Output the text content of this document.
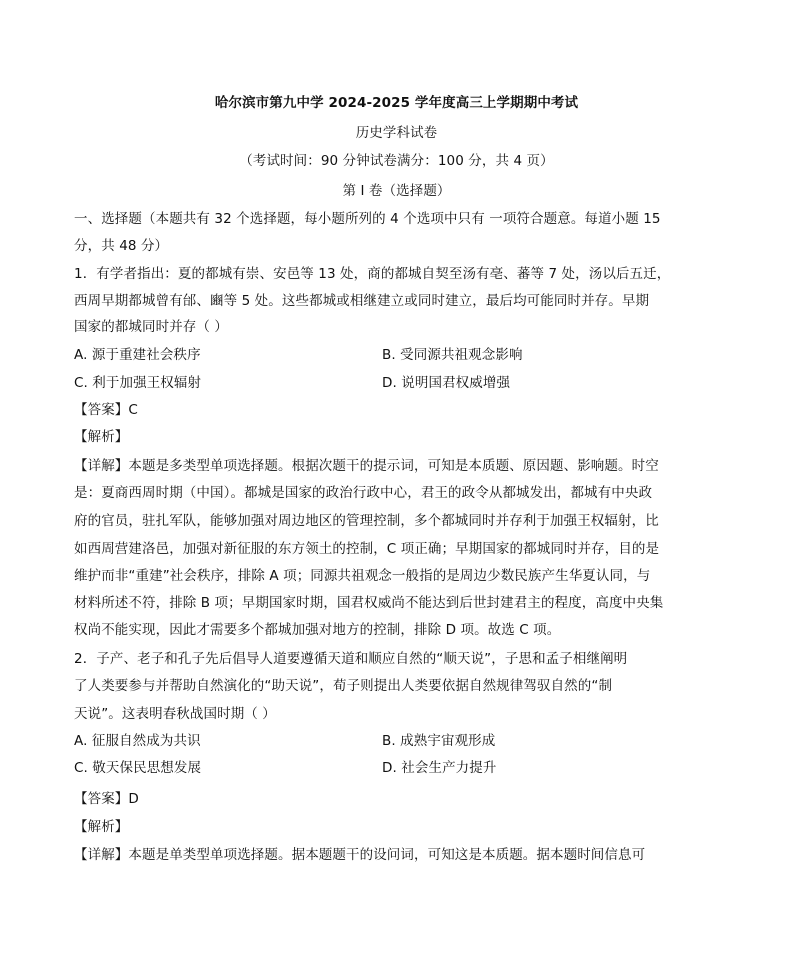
哈尔滨市第九中学 2024-2025 学年度高三上学期期中考试
历史学科试卷
（考试时间：90 分钟试卷满分：100 分，共 4 页）
第 I 卷（选择题）
一、选择题（本题共有 32 个选择题，每小题所列的 4 个选项中只有 一项符合题意。每道小题 15
分，共 48 分）
1．有学者指出：夏的都城有崇、安邑等 13 处，商的都城自契至汤有亳、蕃等 7 处，汤以后五迁，
西周早期都城曾有邰、豳等 5 处。这些都城或相继建立或同时建立，最后均可能同时并存。早期
国家的都城同时并存（ ）
A. 源于重建社会秩序	B. 受同源共祖观念影响
C. 利于加强王权辐射	D. 说明国君权威增强
【答案】C
【解析】
【详解】本题是多类型单项选择题。根据次题干的提示词，可知是本质题、原因题、影响题。时空
是：夏商西周时期（中国）。都城是国家的政治行政中心，君王的政令从都城发出，都城有中央政
府的官员，驻扎军队，能够加强对周边地区的管理控制，多个都城同时并存利于加强王权辐射，比
如西周营建洛邑，加强对新征服的东方领土的控制，C 项正确；早期国家的都城同时并存，目的是
维护而非“重建”社会秩序，排除 A 项；同源共祖观念一般指的是周边少数民族产生华夏认同，与
材料所述不符，排除 B 项；早期国家时期，国君权威尚不能达到后世封建君主的程度，高度中央集
权尚不能实现，因此才需要多个都城加强对地方的控制，排除 D 项。故选 C 项。
2．子产、老子和孔子先后倡导人道要遵循天道和顺应自然的“顺天说”，子思和孟子相继阐明
了人类要参与并帮助自然演化的“助天说”，荀子则提出人类要依据自然规律驾驭自然的“制
天说”。这表明春秋战国时期（ ）
A. 征服自然成为共识	B. 成熟宇宙观形成
C. 敬天保民思想发展	D. 社会生产力提升
【答案】D
【解析】
【详解】本题是单类型单项选择题。据本题题干的设问词，可知这是本质题。据本题时间信息可
